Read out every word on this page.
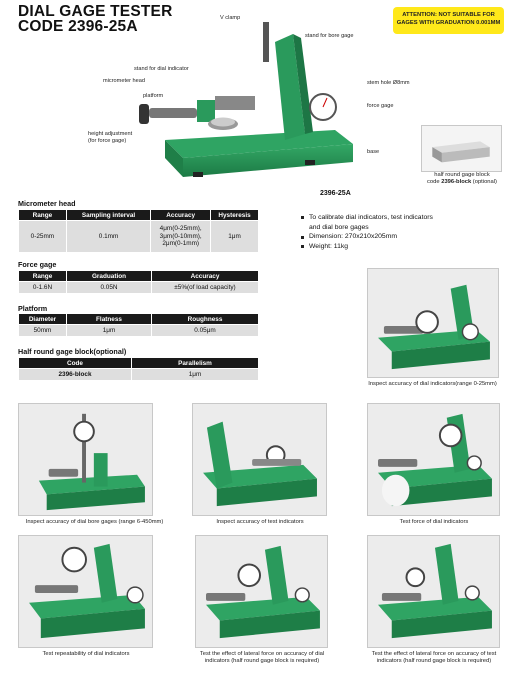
DIAL GAGE TESTER
CODE 2396-25A
ATTENTION: NOT SUITABLE FOR
GAGES WITH GRADUATION 0.001MM
V clamp
stand for bore gage
stand for dial indicator
micrometer head	stem hole Ø8mm
platform
force gage
height adjustment
(for force gage)
base
2396-25A
half round gage block
code 2396-block (optional)
Micrometer head
Range	Sampling interval	Accuracy	Hysteresis
0-25mm	0.1mm	4μm(0-25mm),
3μm(0-10mm),
2μm(0-1mm)	1μm
Force gage
Range	Graduation	Accuracy
0-1.6N	0.05N	±5%(of load capacity)
Platform
Diameter	Flatness	Roughness
50mm	1μm	0.05μm
Half round gage block(optional)
Code	Parallelism
2396-block	1μm
To calibrate dial indicators, test indicators
and dial bore gages
Dimension: 270x210x205mm
Weight: 11kg
Inspect accuracy of dial indicators(range 0-25mm)
Inspect accuracy of dial bore gages (range 6-450mm)	Inspect accuracy of test indicators	Test force of dial indicators
Test repeatability of dial indicators	Test the effect of lateral force on accuracy of dial
indicators (half round gage block is required)
Test the effect of lateral force on accuracy of test
indicators (half round gage block is required)
